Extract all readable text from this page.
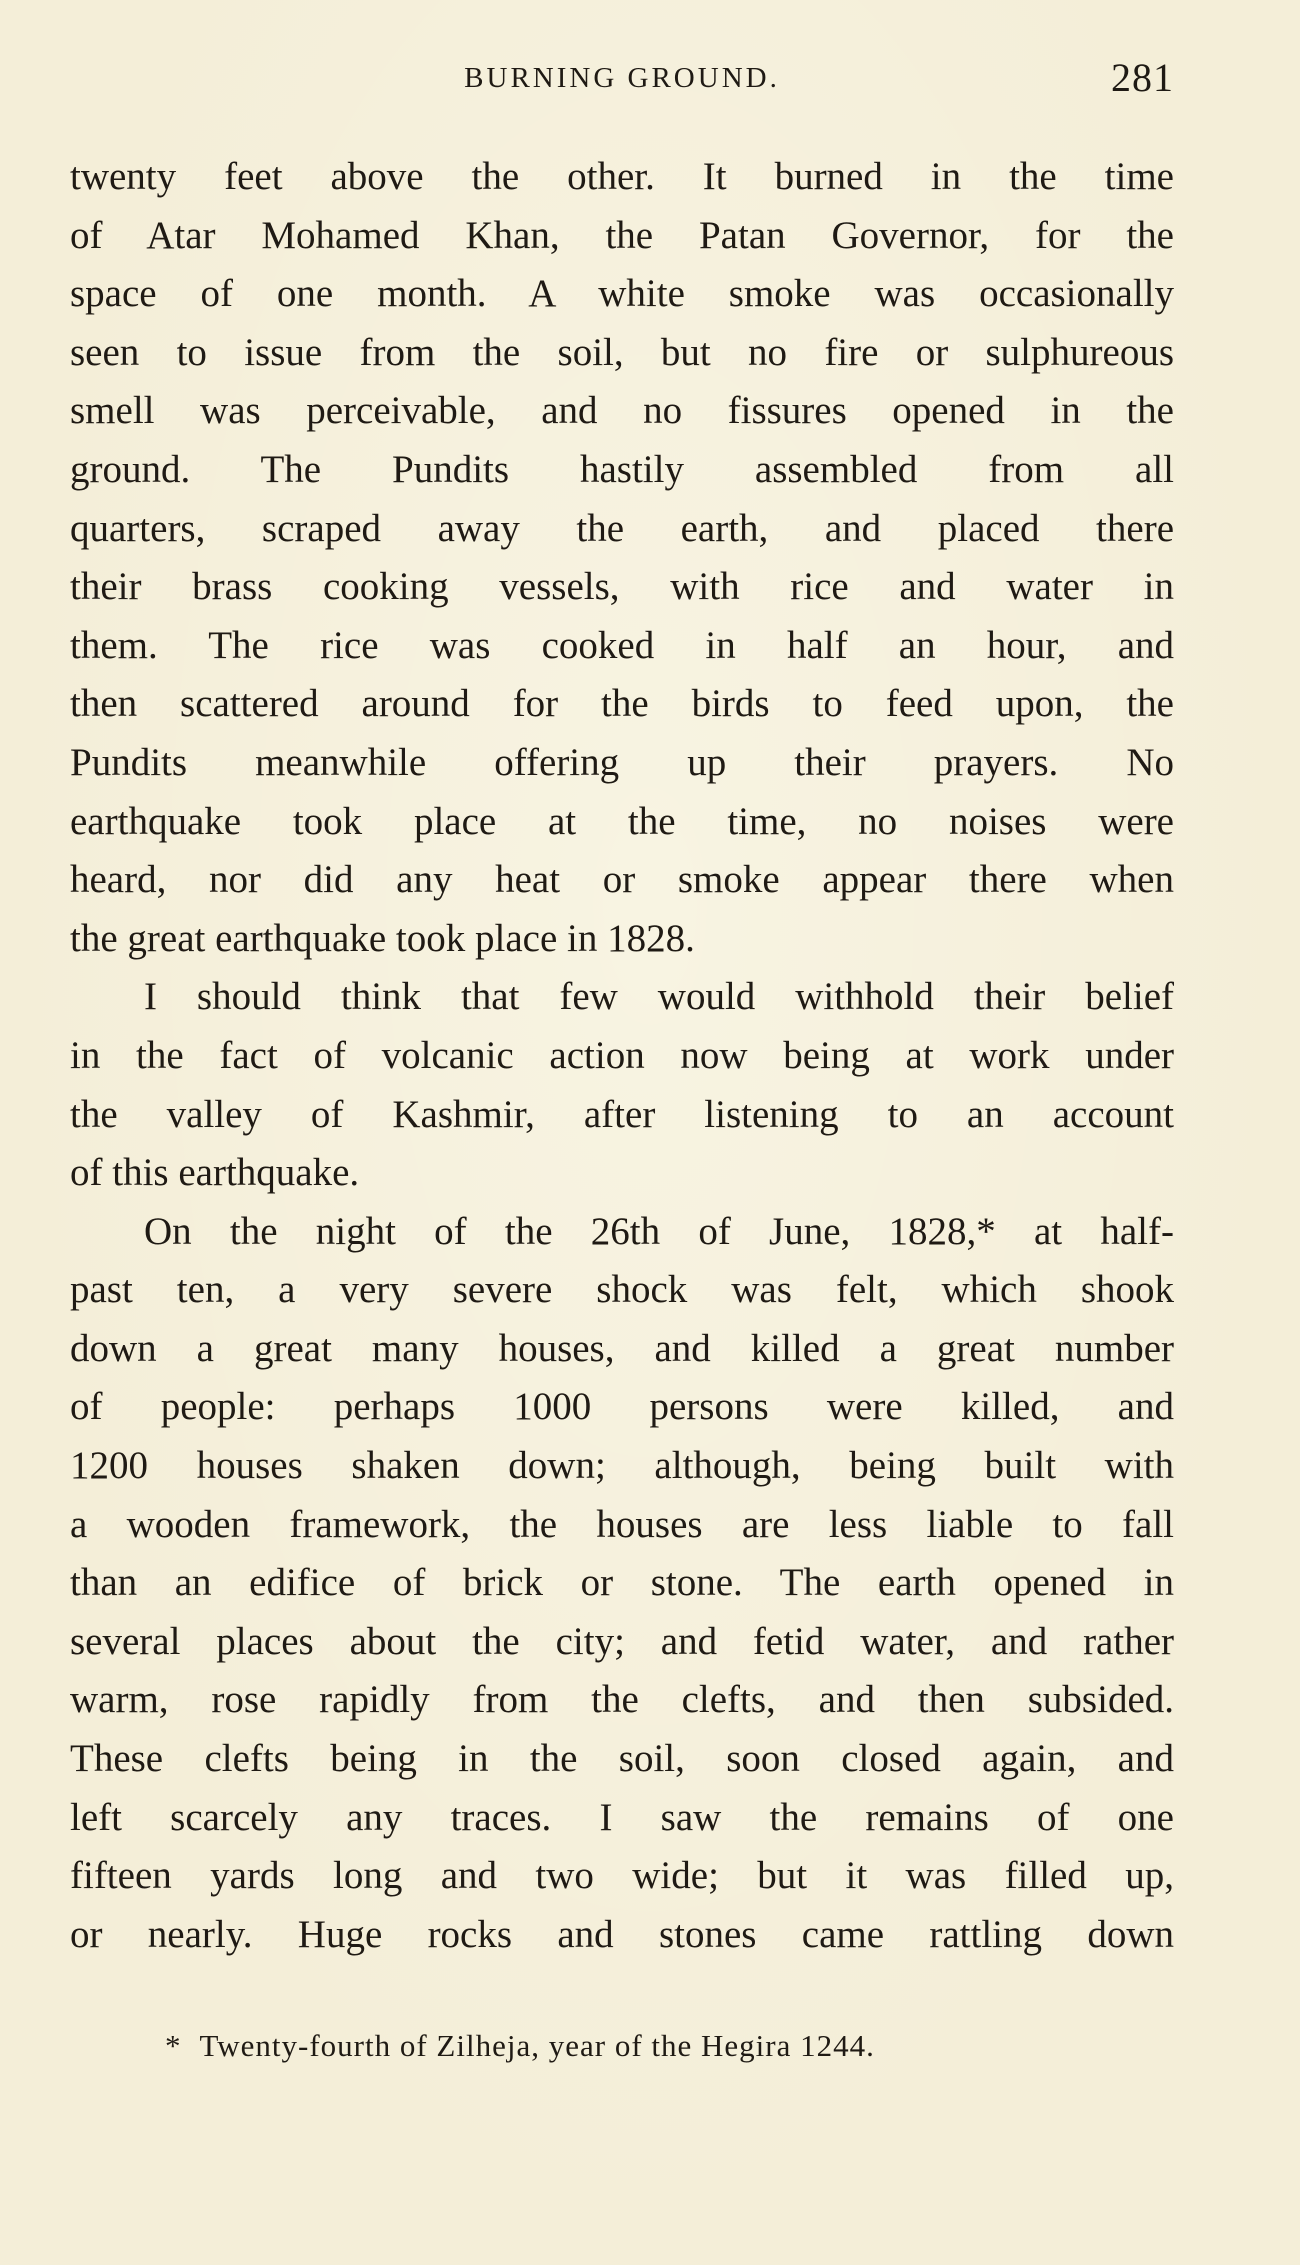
BURNING GROUND.	281
twenty feet above the other. It burned in the time
of Atar Mohamed Khan, the Patan Governor, for the
space of one month. A white smoke was occasionally
seen to issue from the soil, but no fire or sulphureous
smell was perceivable, and no fissures opened in the
ground. The Pundits hastily assembled from all
quarters, scraped away the earth, and placed there
their brass cooking vessels, with rice and water in
them. The rice was cooked in half an hour, and
then scattered around for the birds to feed upon, the
Pundits meanwhile offering up their prayers. No
earthquake took place at the time, no noises were
heard, nor did any heat or smoke appear there when
the great earthquake took place in 1828.
I should think that few would withhold their belief
in the fact of volcanic action now being at work under
the valley of Kashmir, after listening to an account
of this earthquake.
On the night of the 26th of June, 1828,* at half-
past ten, a very severe shock was felt, which shook
down a great many houses, and killed a great number
of people: perhaps 1000 persons were killed, and
1200 houses shaken down; although, being built with
a wooden framework, the houses are less liable to fall
than an edifice of brick or stone. The earth opened in
several places about the city; and fetid water, and rather
warm, rose rapidly from the clefts, and then subsided.
These clefts being in the soil, soon closed again, and
left scarcely any traces. I saw the remains of one
fifteen yards long and two wide; but it was filled up,
or nearly. Huge rocks and stones came rattling down
* Twenty-fourth of Zilheja, year of the Hegira 1244.
